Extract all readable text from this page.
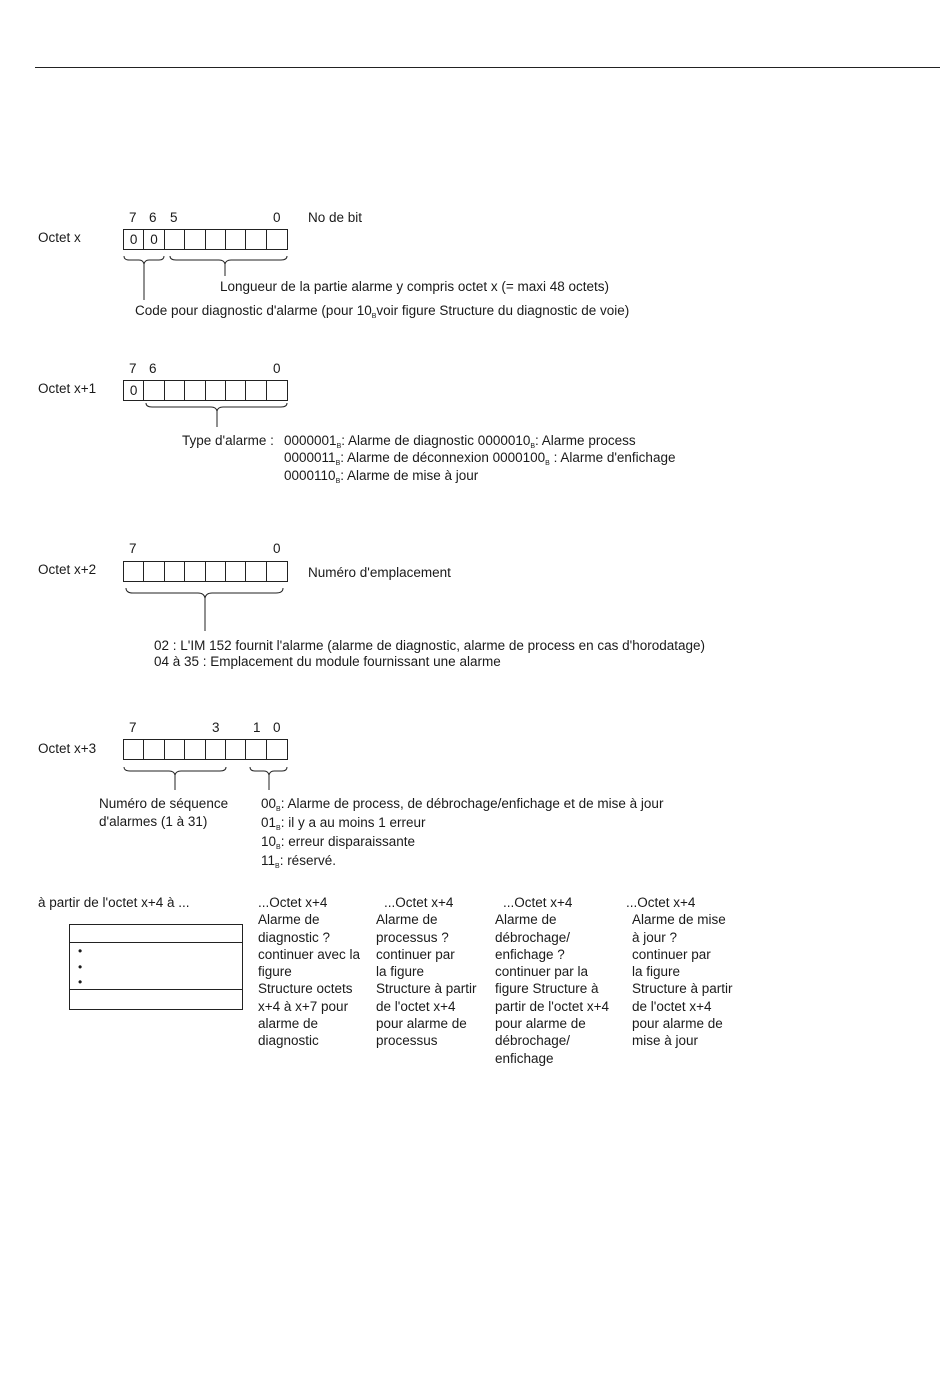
Octet x
7 6 5	0 No de bit
0 0
Longueur de la partie alarme y compris octet x (= maxi 48 octets)
Code pour diagnostic d'alarme (pour $10_Bvoir$ figure Structure du diagnostic de voie)
Octet x+1
7 6	0
0
Type d'alarme : $0000001_B$: Alarme de diagnostic $0000010_B$: Alarme process
$0000011_B$: Alarme de déconnexion $0000100_B$ : Alarme d'enfichage
$0000110_B$: Alarme de mise à jour
Octet x+2
7	0
Numéro d'emplacement
02 : L'IM 152 fournit l'alarme (alarme de diagnostic, alarme de process en cas d'horodatage)
04 à 35 : Emplacement du module fournissant une alarme
Octet x+3
7	3 1 0
Numéro de séquence
d'alarmes (1 à 31)
$00_B$: Alarme de process, de débrochage/enfichage et de mise à jour
$01_B$: il y a au moins 1 erreur
$10_B$: erreur disparaissante
$11_B$: réservé.
à partir de l'octet x+4 à ...
•
•
•
...Octet x+4
Alarme de
diagnostic ?
continuer avec la
figure
Structure octets
x+4 à x+7 pour
alarme de
diagnostic
...Octet x+4
Alarme de
processus ?
continuer par
la figure
Structure à partir
de l'octet x+4
pour alarme de
processus
...Octet x+4
Alarme de
débrochage/
enfichage ?
continuer par la
figure Structure à
partir de l'octet x+4
pour alarme de
débrochage/
enfichage
...Octet x+4
Alarme de mise
à jour ?
continuer par
la figure
Structure à partir
de l'octet x+4
pour alarme de
mise à jour
